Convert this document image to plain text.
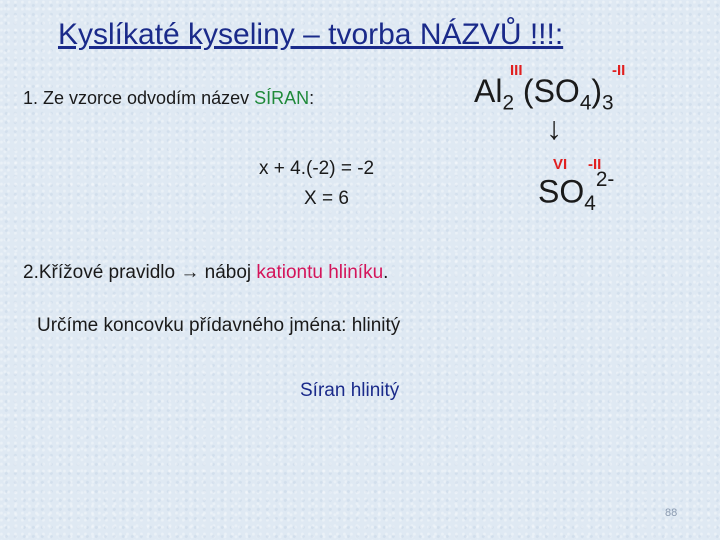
Kyslíkaté kyseliny – tvorba NÁZVŮ !!!:
1. Ze vzorce odvodím název SÍRAN:
III	-II
$Al_2$ $(SO_4)_3$
↓
VI -II
$SO_4^{2-}$
x + 4.(-2) = -2
X = 6
2.Křížové pravidlo → náboj kationtu hliníku.
Určíme koncovku přídavného jména: hlinitý
Síran hlinitý
88
